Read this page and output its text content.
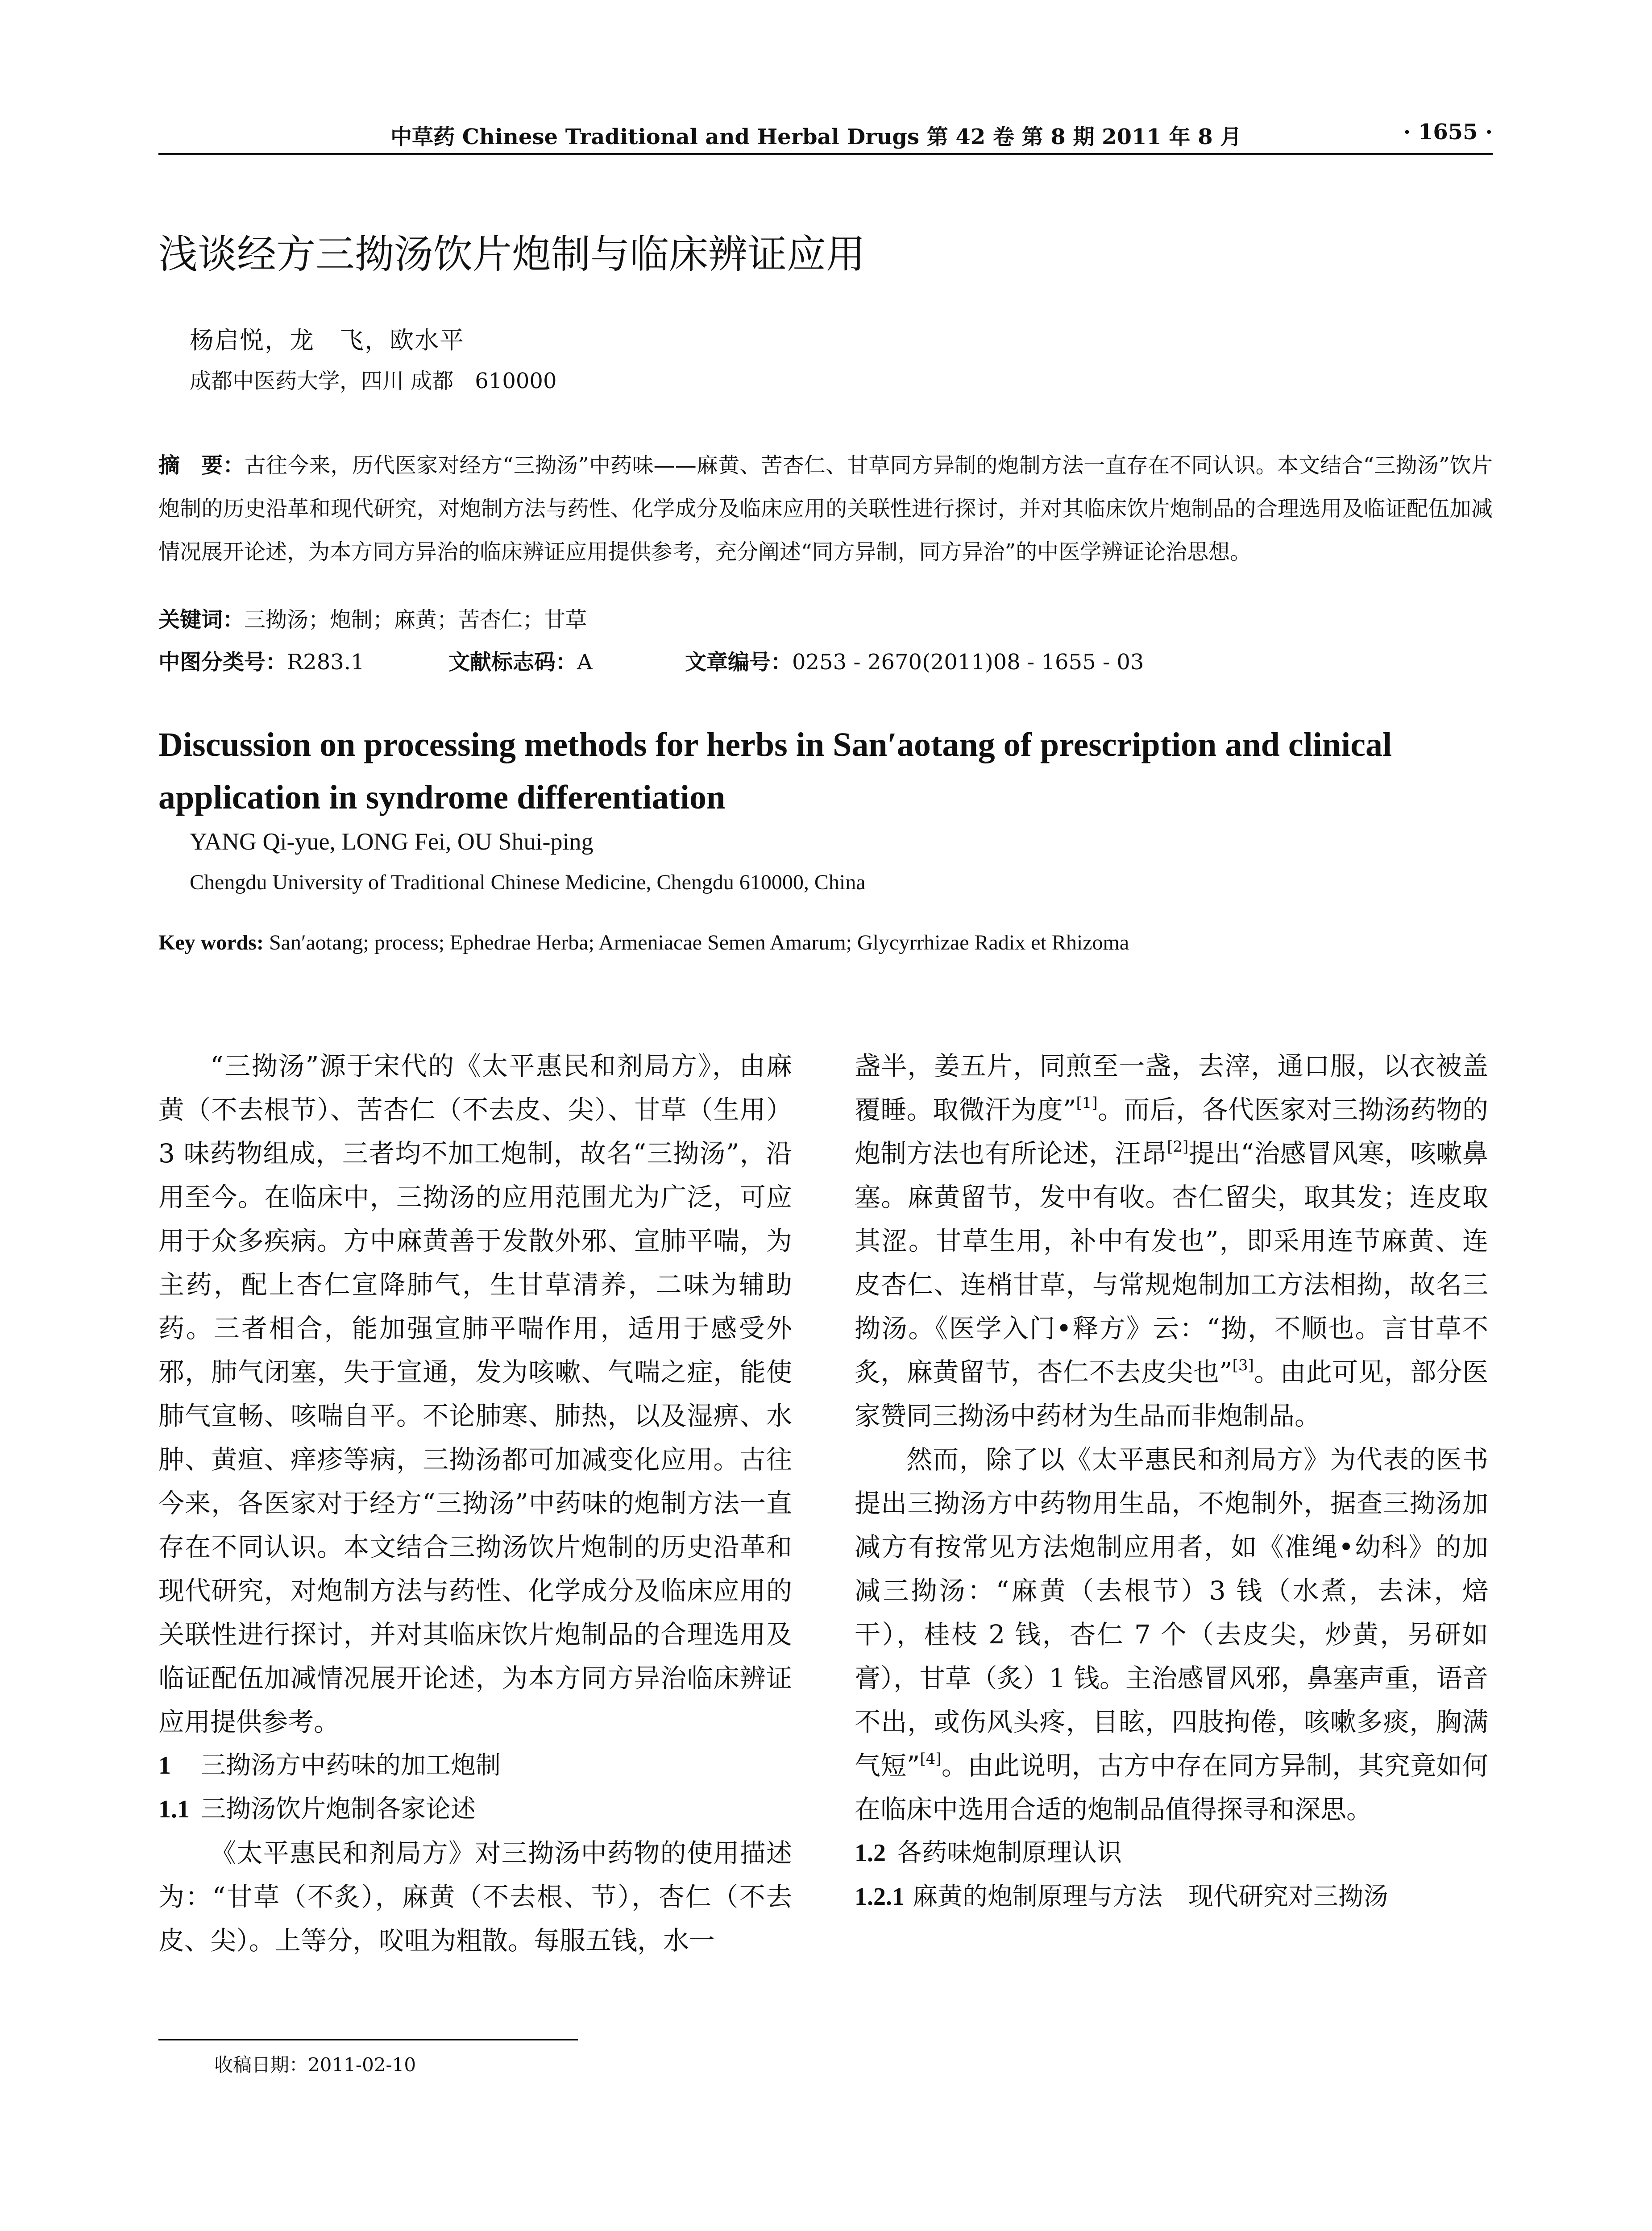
中草药 Chinese Traditional and Herbal Drugs 第 42 卷 第 8 期 2011 年 8 月	· 1655 ·
浅谈经方三拗汤饮片炮制与临床辨证应用
杨启悦，龙　飞，欧水平
成都中医药大学，四川 成都　610000
摘　要：古往今来，历代医家对经方“三拗汤”中药味——麻黄、苦杏仁、甘草同方异制的炮制方法一直存在不同认识。本文结合“三拗汤”饮片炮制的历史沿革和现代研究，对炮制方法与药性、化学成分及临床应用的关联性进行探讨，并对其临床饮片炮制品的合理选用及临证配伍加减情况展开论述，为本方同方异治的临床辨证应用提供参考，充分阐述“同方异制，同方异治”的中医学辨证论治思想。
关键词：三拗汤；炮制；麻黄；苦杏仁；甘草
中图分类号：R283.1	文献标志码：A	文章编号：0253 - 2670(2011)08 - 1655 - 03
Discussion on processing methods for herbs in San′aotang of prescription and clinical application in syndrome differentiation
YANG Qi-yue, LONG Fei, OU Shui-ping
Chengdu University of Traditional Chinese Medicine, Chengdu 610000, China
Key words: San′aotang; process; Ephedrae Herba; Armeniacae Semen Amarum; Glycyrrhizae Radix et Rhizoma

“三拗汤”源于宋代的《太平惠民和剂局方》，由麻黄（不去根节）、苦杏仁（不去皮、尖）、甘草（生用）3 味药物组成，三者均不加工炮制，故名“三拗汤”，沿用至今。在临床中，三拗汤的应用范围尤为广泛，可应用于众多疾病。方中麻黄善于发散外邪、宣肺平喘，为主药，配上杏仁宣降肺气，生甘草清养，二味为辅助药。三者相合，能加强宣肺平喘作用，适用于感受外邪，肺气闭塞，失于宣通，发为咳嗽、气喘之症，能使肺气宣畅、咳喘自平。不论肺寒、肺热，以及湿痹、水肿、黄疸、痒疹等病，三拗汤都可加减变化应用。古往今来，各医家对于经方“三拗汤”中药味的炮制方法一直存在不同认识。本文结合三拗汤饮片炮制的历史沿革和现代研究，对炮制方法与药性、化学成分及临床应用的关联性进行探讨，并对其临床饮片炮制品的合理选用及临证配伍加减情况展开论述，为本方同方异治临床辨证应用提供参考。

1 三拗汤方中药味的加工炮制
1.1 三拗汤饮片炮制各家论述

《太平惠民和剂局方》对三拗汤中药物的使用描述为：“甘草（不炙），麻黄（不去根、节），杏仁（不去皮、尖）。上等分，㕮咀为粗散。每服五钱，水一

盏半，姜五片，同煎至一盏，去滓，通口服，以衣被盖覆睡。取微汗为度”[1]。而后，各代医家对三拗汤药物的炮制方法也有所论述，汪昂[2]提出“治感冒风寒，咳嗽鼻塞。麻黄留节，发中有收。杏仁留尖，取其发；连皮取其涩。甘草生用，补中有发也”，即采用连节麻黄、连皮杏仁、连梢甘草，与常规炮制加工方法相拗，故名三拗汤。《医学入门•释方》云：“拗，不顺也。言甘草不炙，麻黄留节，杏仁不去皮尖也”[3]。由此可见，部分医家赞同三拗汤中药材为生品而非炮制品。

然而，除了以《太平惠民和剂局方》为代表的医书提出三拗汤方中药物用生品，不炮制外，据查三拗汤加减方有按常见方法炮制应用者，如《准绳•幼科》的加减三拗汤：“麻黄（去根节）3 钱（水煮，去沫，焙干），桂枝 2 钱，杏仁 7 个（去皮尖，炒黄，另研如膏），甘草（炙）1 钱。主治感冒风邪，鼻塞声重，语音不出，或伤风头疼，目眩，四肢拘倦，咳嗽多痰，胸满气短”[4]。由此说明，古方中存在同方异制，其究竟如何在临床中选用合适的炮制品值得探寻和深思。

1.2 各药味炮制原理认识
1.2.1 麻黄的炮制原理与方法 现代研究对三拗汤
收稿日期：2011-02-10
